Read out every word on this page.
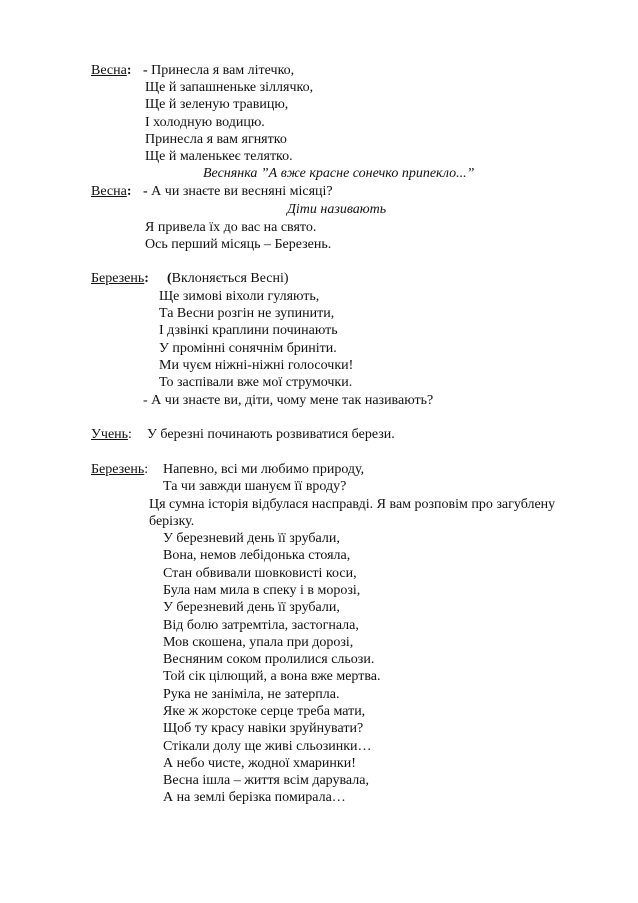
Весна: - Принесла я вам літечко,
Ще й запашненьке зіллячко,
Ще й зеленую травицю,
І холодную водицю.
Принесла я вам ягнятко
Ще й маленькеє телятко.
Веснянка ”А вже красне сонечко припекло...”
Весна: - А чи знаєте ви весняні місяці?
Діти називають
Я привела їх до вас на свято.
Ось перший місяць – Березень.
Березень: (Вклоняється Весні)
Ще зимові віхоли гуляють,
Та Весни розгін не зупинити,
І дзвінкі краплини починають
У промінні сонячнім бриніти.
Ми чуєм ніжні-ніжні голосочки!
То заспівали вже мої струмочки.
- А чи знаєте ви, діти, чому мене так називають?
Учень: У березні починають розвиватися берези.
Березень: Напевно, всі ми любимо природу,
Та чи завжди шануєм її вроду?
Ця сумна історія відбулася насправді. Я вам розповім про загублену
берізку.
У березневий день її зрубали,
Вона, немов лебідонька стояла,
Стан обвивали шовковисті коси,
Була нам мила в спеку і в морозі,
У березневий день її зрубали,
Від болю затремтіла, застогнала,
Мов скошена, упала при дорозі,
Весняним соком пролилися сльози.
Той сік цілющий, а вона вже мертва.
Рука не заніміла, не затерпла.
Яке ж жорстоке серце треба мати,
Щоб ту красу навіки зруйнувати?
Стікали долу ще живі сльозинки…
А небо чисте, жодної хмаринки!
Весна ішла – життя всім дарувала,
А на землі берізка помирала…
